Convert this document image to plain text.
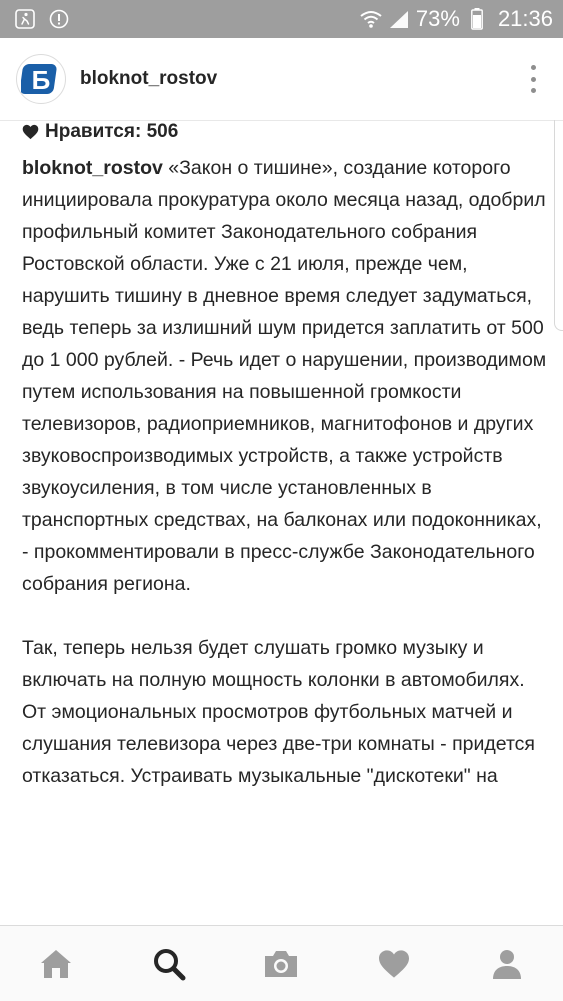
73% 21:36
Б bloknot_rostov
Нравится: 506

bloknot_rostov «Закон о тишине», создание которого инициировала прокуратура около месяца назад, одобрил профильный комитет Законодательного собрания Ростовской области. Уже с 21 июля, прежде чем, нарушить тишину в дневное время следует задуматься, ведь теперь за излишний шум придется заплатить от 500 до 1 000 рублей. - Речь идет о нарушении, производимом путем использования на повышенной громкости телевизоров, радиоприемников, магнитофонов и других звуковоспроизводимых устройств, а также устройств звукоусиления, в том числе установленных в транспортных средствах, на балконах или подоконниках, - прокомментировали в пресс-службе Законодательного собрания региона.

Так, теперь нельзя будет слушать громко музыку и включать на полную мощность колонки в автомобилях. От эмоциональных просмотров футбольных матчей и слушания телевизора через две-три комнаты - придется отказаться. Устраивать музыкальные "дискотеки" на
